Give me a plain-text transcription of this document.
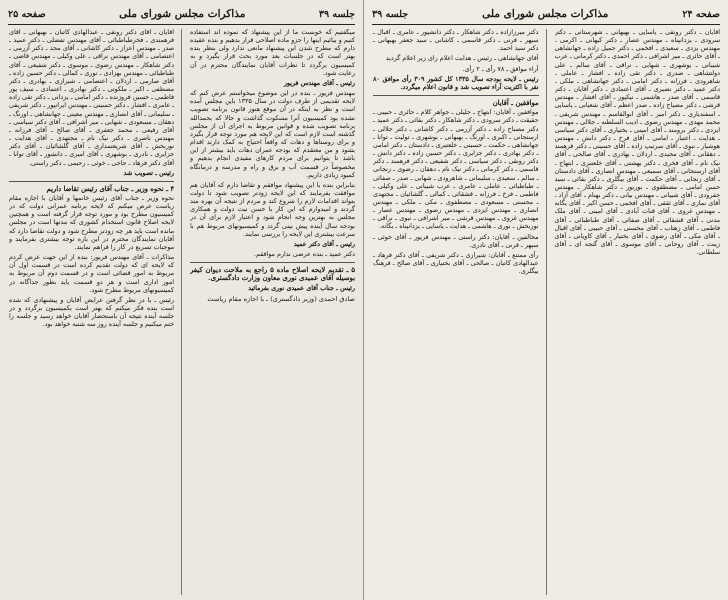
جلسه ۳۹
مذاکرات مجلس شورای ملی
صفحه ۲۵

میگفتیم که خوبست ما از این پیشنهاد که نموده اند استفاده کنیم و بیائیم اینها را جزو ماده اصلاحی قرار بدهیم و بنده عقیده دارم که مطرح شدن این پیشنهاد مانعی ندارد ولی بنظر بنده بهتر است که در جلسات بعد مورد بحث قرار بگیرد و به کمیسیون برگردد تا نظرات آقایان نمایندگان محترم در آن رعایت شود.

رئیس ـ آقای مهندس فریور

مهندس فریور ـ بنده در این موضوع میخواستم عرض کنم که لایحه تقدیمی از طرف دولت در سال ۱۳۳۵ باین مجلس آمده است و نظر به اینکه در آن موقع هنوز قانون برنامه تصویب نشده بود کمیسیون آنرا مسکوت گذاشت و حالا که بحمدالله برنامه تصویب شده و قوانین مربوط به اجرای آن از مجلس گذشته است لازم است که این لایحه هم مورد توجه قرار بگیرد و برای روستاها و دهات که واقعاً احتیاج به کمک دارند اقدام بشود و من معتقدم که بودجه عمران دهات باید بیشتر از این باشد تا بتوانیم برای مردم کارهای مفیدی انجام بدهیم و مخصوصاً در قسمت آب و برق و راه و مدرسه و درمانگاه کمبود زیادی داریم.

بنابراین بنده با این پیشنهاد موافقم و تقاضا دارم که آقایان هم موافقت بفرمایند که این لایحه زودتر تصویب شود تا دولت بتواند اقدامات لازم را شروع کند و مردم از نتیجه آن بهره مند گردند و امیدوارم که این کار با حسن نیت دولت و همکاری مجلس به بهترین وجه انجام شود و اعتبار لازم برای آن در بودجه سال آینده پیش بینی گردد و کمیسیونهای مربوط هم با سرعت بیشتری این لایحه را بررسی نمایند.

رئیس ـ آقای دکتر عمید

دکتر عمید ـ بنده عرضی ندارم موافقم.

۵ ـ تقدیم لایحه اصلاح ماده ۵ راجع به ملاحت دیوان کیفر بوسیله آقای عمیدی نوری معاون وزارت دادگستری.

رئیس ـ جناب آقای عمیدی نوری بفرمائید

صادق احمدی (وزیر دادگستری) ـ با اجازه مقام ریاست

آقایان ـ آقای دکتر رونقی ـ عبدالهادی کاتبان ـ بهبهانی ـ آقای فرهمندی ـ فخرطباطبائی ـ آقای مهندس تفضلی ـ دکتر عمید ـ صدر ـ مهندس اعزاز ـ دکتر کاشانی ـ آقای مجد ـ دکتر آزرمی ـ اعتصامی ـ آقای مهندس نراقی ـ علی وکیلی ـ مهندس قاضی ـ دکتر شاهکار ـ مهندس رضوی ـ موسوی ـ دکتر شفیعی ـ آقای طباطبائی ـ مهندس بهزادی ـ نوری ـ کمالی ـ دکتر حسین زاده ـ آقای صارمی ـ اردلان ـ اعتصامی ـ شیرازی ـ بهادری ـ دکتر مصطفی ـ اکبر ـ ملکوتی ـ دکتر بهادری ـ اعتمادی ـ سیف پور فاطمی ـ حسین فروزنده ـ دکتر امامی ـ یزدانی ـ دکتر تقی زاده ـ عامری ـ افشار ـ دکتر حسینی ـ مهندس ایرانپور ـ دکتر شریفی ـ سلیمانی ـ آقای انصاری ـ مهندس معینی ـ جهانشاهی ـ اورنگ ـ دهقان ـ مسعودی ـ شهابی ـ میر اشرافی ـ آقای دکتر سیاسی ـ آقای رفیعی ـ محمد جعفری ـ آقای صالح ـ آقای فرزانه ـ مهندس ناصری ـ دکتر نیک نام ـ مجتهدی ـ آقای هدایت ـ نوربخش ـ آقای شریعتمداری ـ آقای گلشائیان ـ آقای دکتر جزایری ـ نادری ـ بوشهری ـ آقای امیری ـ دانشور ـ آقای توانا ـ آقای دکتر فرهاد ـ حاجی ـ خوئی ـ رحیمی ـ دکتر راستی.

رئیس ـ تصویب شد

۴ ـ نحوه وزیر ـ جناب آقای رئیس تقاضا داریم

نحوه وزیر ـ جناب آقای رئیس خانمها و آقایان با اجازه مقام ریاست عرض میکنم که لایحه برنامه عمرانی دولت که در کمیسیون مطرح بود و مورد توجه قرار گرفته است و همچنین لایحه اصلاح قانون استخدام کشوری که مدتها است در مجلس مانده است باید هر چه زودتر مطرح شود و دولت تقاضا دارد که آقایان نمایندگان محترم در این باره توجه بیشتری بفرمایند و موجبات تسریع در کار را فراهم نمایند.

مذاکرات ـ آقای مهندس فریور: بنده از این جهت عرض کردم که لایحه ای که دولت تقدیم کرده است در قسمت اول آن مربوط به امور قضائی است و در قسمت دوم آن مربوط به امور اداری است و هر دو قسمت باید بطور جداگانه در کمیسیونهای مربوط مطرح شود.

رئیس ـ با در نظر گرفتن عرایض آقایان و پیشنهادی که شده است بنده فکر میکنم که بهتر است بکمیسیون برگردد و در جلسه آینده نتیجه آن باستحضار آقایان خواهد رسید و جلسه را ختم میکنیم و جلسه آینده روز سه شنبه خواهد بود.

صفحه ۲۴
مذاکرات مجلس شورای ملی
جلسه ۳۹

آقایان ـ دکتر رونقی ـ یاسایی ـ بهبهانی ـ شهرستانی ـ دکتر سرودی ـ یزدانپناه ـ مهندس عصار ـ دکتر کیهانی ـ اکرمی ـ مهندس یزدی ـ سعیدی ـ افخمی ـ دکتر جمیل زاده ـ جهانشاهی ـ آقای حائری ـ میر اشرافی ـ دکتر احمدی ـ دکتر کرمانی ـ عرب شیبانی ـ بوشهری ـ شهابی ـ نراقی ـ آقای سالم ـ علی دولتشاهی ـ صدری ـ دکتر تقی زاده ـ افشار ـ عاملی ـ شاهرودی ـ فرزانه ـ دکتر امامی ـ دکتر جهانشاهی ـ ملکی ـ دکتر عمید ـ دکتر نصیری ـ آقای اعتمادی ـ دکتر آقایان ـ دکتر قاسمی ـ آقای صدر ـ هاشمی ـ نیکپور ـ آقای افشار ـ مهندس قرشی ـ دکتر مصباح زاده ـ صدر اعظم ـ آقای شعبانی ـ یاسایی ـ اسفندیاری ـ دکتر امیر ـ آقای ابوالقاسم ـ مهندس شریفی ـ محمد مهدی ـ مهندس رضوی ـ ادیب السلطنه ـ جلالی ـ مهندس ایزدی ـ دکتر برومند ـ آقای امینی ـ بختیاری ـ آقای دکتر سیاسی ـ هدایت ـ اعتبار ـ امامی ـ آقای فرخ ـ دکتر دانش ـ مهندس هوشیار ـ نبوی ـ آقای سرتیپ زاده ـ آقای حسینی ـ دکتر فرهمند ـ دهقانی ـ آقای مجیدی ـ اردلان ـ بهادری ـ آقای صالحی ـ آقای نیک نام ـ آقای فخری ـ دکتر بهشتی ـ آقای خلعتبری ـ ابتهاج ـ آقای ارسنجانی ـ آقای سمیعی ـ مهندس انصاری ـ آقای دادستان ـ آقای زنجانی ـ آقای حکمت ـ آقای بیگلری ـ دکتر بقائی ـ سید حسن امامی ـ مصطفوی ـ بوربور ـ دکتر شاهکار ـ مهندس جفرودی ـ آقای شیبانی ـ مهندس بیانی ـ دکتر بهنام ـ آقای آزاد ـ آقای نمازی ـ آقای ثقفی ـ آقای افخمی ـ حسن اکبر ـ آقای یگانه ـ مهندس غروی ـ آقای قنات آبادی ـ آقای امینی ـ آقای ملک مدنی ـ آقای قشقائی ـ آقای صفائی ـ آقای طباطبائی ـ آقای فاطمی ـ آقای زهتاب ـ آقای محسنی ـ آقای حبیبی ـ آقای اقبال ـ آقای مکی ـ آقای رضوی ـ آقای بختیار ـ آقای کاویانی ـ آقای زینت ـ آقای روحانی ـ آقای موسوی ـ آقای گنجه ای ـ آقای سلطانی.

دکتر میرزازاده ـ دکتر شاهکار ـ دکتر دانشپور ـ عامری ـ اقبال ـ سپهر ـ قرنی ـ دکتر قاسمی ـ کاشانی ـ سید جعفر بهبهانی ـ دکتر سید احمد.

آقای جهانشاهی ـ رئیس ـ هدایت اعلام رای زیر اعلام گردید

آراء موافق ـ ۷۸ رأی ـ ۲ رأی.

رئیس ـ لایحه بودجه سال ۱۳۳۵ کل کشور ۳۰۹ رأی موافق ۸۰ نفر با اکثریت آراء تصویب شد و قانون اعلام میگردد.

موافقین ـ آقایان

موافقین ـ آقایان: ابتهاج ـ جلیلی ـ جواهر کلام ـ حائری ـ حبیبی ـ حقیقت ـ دکتر سرودی ـ دکتر شاهکار ـ دکتر بقائی ـ دکتر عمید ـ دکتر مصباح زاده ـ دکتر آزرمی ـ دکتر کاشانی ـ دکتر جلالی ـ ارسنجانی ـ اکبری ـ اورنگ ـ بهبهانی ـ بوشهری ـ تولیت ـ توانا ـ جهانشاهی ـ حکمت ـ حسینی ـ خلعتبری ـ دادستان ـ دکتر امامی ـ دکتر بهادری ـ دکتر جزایری ـ دکتر حسین زاده ـ دکتر دانش ـ دکتر رونقی ـ دکتر سیاسی ـ دکتر شفیعی ـ دکتر فرهمند ـ دکتر قاسمی ـ دکتر کرمانی ـ دکتر نیک نام ـ دهقان ـ رضوی ـ زنجانی ـ سالم ـ سعیدی ـ سلیمانی ـ شاهرودی ـ شهابی ـ صدر ـ صفائی ـ طباطبائی ـ عاملی ـ عامری ـ عرب شیبانی ـ علی وکیلی ـ فاطمی ـ فرخ ـ فرزانه ـ قشقائی ـ کمالی ـ گلشائیان ـ مجتهدی ـ محسنی ـ مسعودی ـ مصطفوی ـ مکی ـ ملکی ـ مهندس انصاری ـ مهندس ایزدی ـ مهندس رضوی ـ مهندس عصار ـ مهندس غروی ـ مهندس قرشی ـ میر اشرافی ـ نبوی ـ نراقی ـ نوربخش ـ نوری ـ هاشمی ـ هدایت ـ یاسایی ـ یزدانپناه ـ یگانه.

مخالفین ـ آقایان: دکتر راستی ـ مهندس فریور ـ آقای خوئی ـ سپهر ـ قرنی ـ آقای نادری.

رأی ممتنع ـ آقایان: شیرازی ـ دکتر شریفی ـ آقای دکتر فرهاد ـ عبدالهادی کاتبان ـ صالحی ـ آقای بختیاری ـ آقای صالح ـ فرهنگ بیگلری.
